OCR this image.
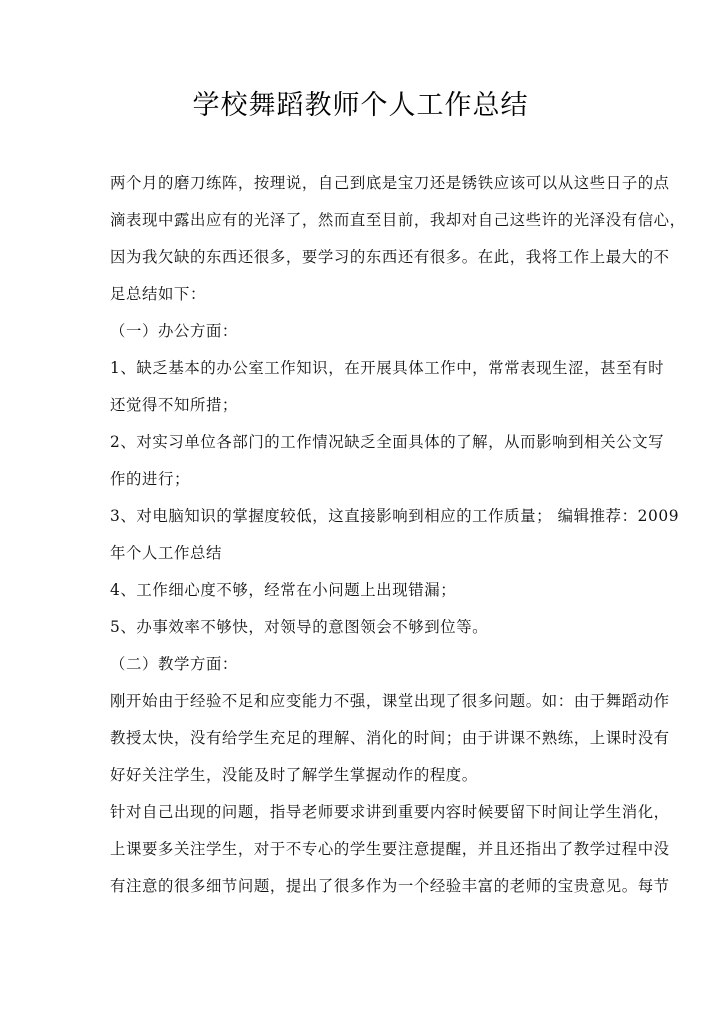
学校舞蹈教师个人工作总结
两个月的磨刀练阵，按理说，自己到底是宝刀还是锈铁应该可以从这些日子的点
滴表现中露出应有的光泽了，然而直至目前，我却对自己这些许的光泽没有信心，
因为我欠缺的东西还很多，要学习的东西还有很多。在此，我将工作上最大的不
足总结如下：
（一）办公方面：
1、缺乏基本的办公室工作知识，在开展具体工作中，常常表现生涩，甚至有时
还觉得不知所措；
2、对实习单位各部门的工作情况缺乏全面具体的了解，从而影响到相关公文写
作的进行；
3、对电脑知识的掌握度较低，这直接影响到相应的工作质量； 编辑推荐：2009
年个人工作总结
4、工作细心度不够，经常在小问题上出现错漏；
5、办事效率不够快，对领导的意图领会不够到位等。
（二）教学方面：
刚开始由于经验不足和应变能力不强，课堂出现了很多问题。如：由于舞蹈动作
教授太快，没有给学生充足的理解、消化的时间；由于讲课不熟练，上课时没有
好好关注学生，没能及时了解学生掌握动作的程度。
针对自己出现的问题，指导老师要求讲到重要内容时候要留下时间让学生消化，
上课要多关注学生，对于不专心的学生要注意提醒，并且还指出了教学过程中没
有注意的很多细节问题，提出了很多作为一个经验丰富的老师的宝贵意见。每节
